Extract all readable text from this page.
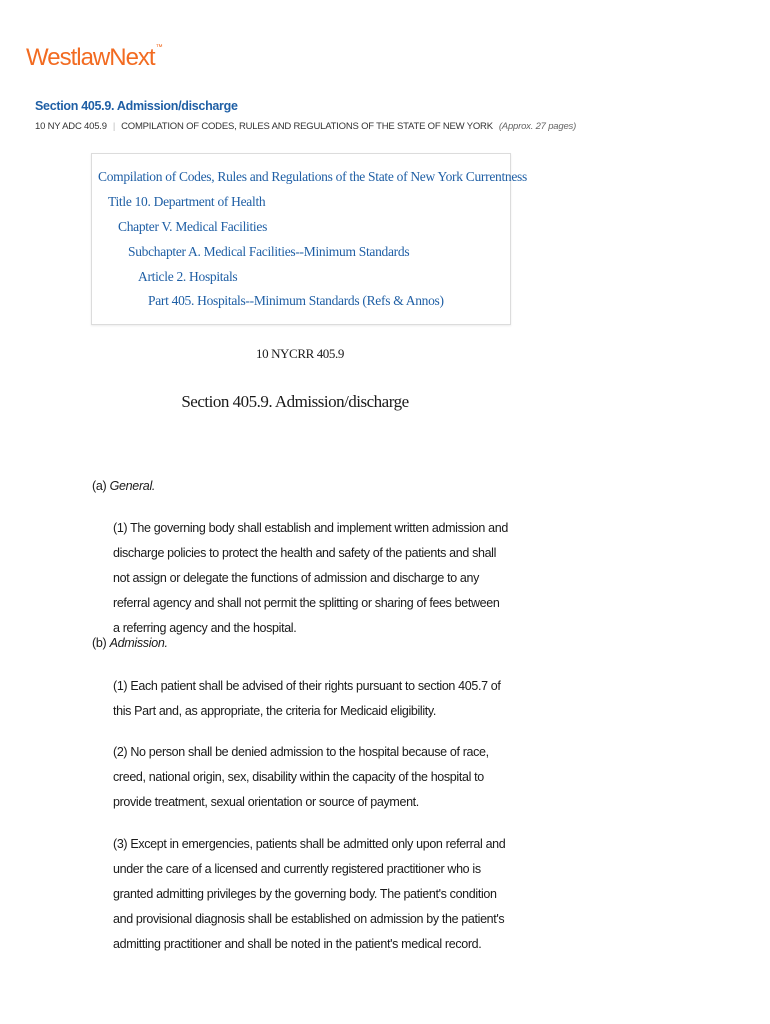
WestlawNext™
Section 405.9. Admission/discharge
10 NY ADC 405.9 | COMPILATION OF CODES, RULES AND REGULATIONS OF THE STATE OF NEW YORK (Approx. 27 pages)
Compilation of Codes, Rules and Regulations of the State of New York Currentness
Title 10. Department of Health
Chapter V. Medical Facilities
Subchapter A. Medical Facilities--Minimum Standards
Article 2. Hospitals
Part 405. Hospitals--Minimum Standards (Refs & Annos)
10 NYCRR 405.9
Section 405.9. Admission/discharge
(a) General.
(1) The governing body shall establish and implement written admission and discharge policies to protect the health and safety of the patients and shall not assign or delegate the functions of admission and discharge to any referral agency and shall not permit the splitting or sharing of fees between a referring agency and the hospital.
(b) Admission.
(1) Each patient shall be advised of their rights pursuant to section 405.7 of this Part and, as appropriate, the criteria for Medicaid eligibility.
(2) No person shall be denied admission to the hospital because of race, creed, national origin, sex, disability within the capacity of the hospital to provide treatment, sexual orientation or source of payment.
(3) Except in emergencies, patients shall be admitted only upon referral and under the care of a licensed and currently registered practitioner who is granted admitting privileges by the governing body. The patient's condition and provisional diagnosis shall be established on admission by the patient's admitting practitioner and shall be noted in the patient's medical record.
